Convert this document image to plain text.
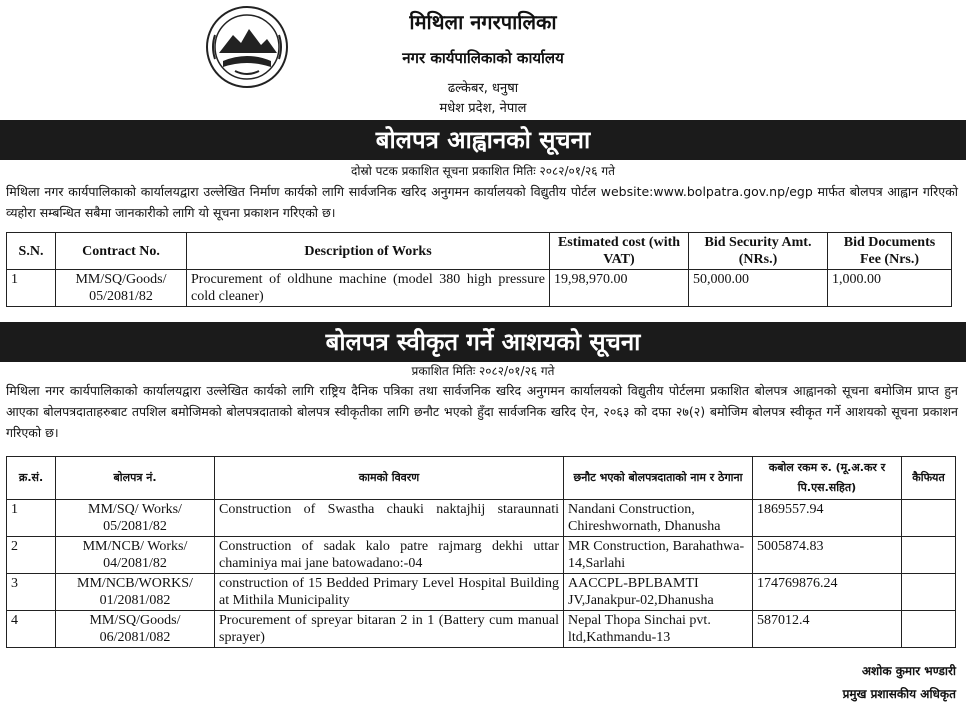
मिथिला नगरपालिका
नगर कार्यपालिकाको कार्यालय
ढल्केबर, धनुषा
मधेश प्रदेश, नेपाल
बोलपत्र आह्वानको सूचना
दोस्रो पटक प्रकाशित सूचना प्रकाशित मितिः २०८२/०१/२६ गते
मिथिला नगर कार्यपालिकाको कार्यालयद्वारा उल्लेखित निर्माण कार्यको लागि सार्वजनिक खरिद अनुगमन कार्यालयको विद्युतीय पोर्टल website:www.bolpatra.gov.np/egp मार्फत बोलपत्र आह्वान गरिएको व्यहोरा सम्बन्धित सबैमा जानकारीको लागि यो सूचना प्रकाशन गरिएको छ।
S.N.	Contract No.	Description of Works	Estimated cost (with VAT)	Bid Security Amt. (NRs.)	Bid Documents Fee (Nrs.)
1	MM/SQ/Goods/ 05/2081/82	Procurement of oldhune machine (model 380 high pressure cold cleaner)	19,98,970.00	50,000.00	1,000.00
बोलपत्र स्वीकृत गर्ने आशयको सूचना
प्रकाशित मितिः २०८२/०१/२६ गते
मिथिला नगर कार्यपालिकाको कार्यालयद्वारा उल्लेखित कार्यको लागि राष्ट्रिय दैनिक पत्रिका तथा सार्वजनिक खरिद अनुगमन कार्यालयको विद्युतीय पोर्टलमा प्रकाशित बोलपत्र आह्वानको सूचना बमोजिम प्राप्त हुन आएका बोलपत्रदाताहरुबाट तपशिल बमोजिमको बोलपत्रदाताको बोलपत्र स्वीकृतीका लागि छनौट भएको हुँदा सार्वजनिक खरिद ऐन, २०६३ को दफा २७(२) बमोजिम बोलपत्र स्वीकृत गर्ने आशयको सूचना प्रकाशन गरिएको छ।
क्र.सं.	बोलपत्र नं.	कामको विवरण	छनौट भएको बोलपत्रदाताको नाम र ठेगाना	कबोल रकम रु. (मू.अ.कर र पि.एस.सहित)	कैफियत
1	MM/SQ/ Works/ 05/2081/82	Construction of Swastha chauki naktajhij staraunnati	Nandani Construction, Chireshwornath, Dhanusha	1869557.94	
2	MM/NCB/ Works/ 04/2081/82	Construction of sadak kalo patre rajmarg dekhi uttar chaminiya mai jane batowadano:-04	MR Construction, Barahathwa-14,Sarlahi	5005874.83	
3	MM/NCB/WORKS/ 01/2081/082	construction of 15 Bedded Primary Level Hospital Building at Mithila Municipality	AACCPL-BPLBAMTI JV,Janakpur-02,Dhanusha	174769876.24	
4	MM/SQ/Goods/ 06/2081/082	Procurement of spreyar bitaran 2 in 1 (Battery cum manual sprayer)	Nepal Thopa Sinchai pvt. ltd,Kathmandu-13	587012.4	
अशोक कुमार भण्डारी
प्रमुख प्रशासकीय अधिकृत
